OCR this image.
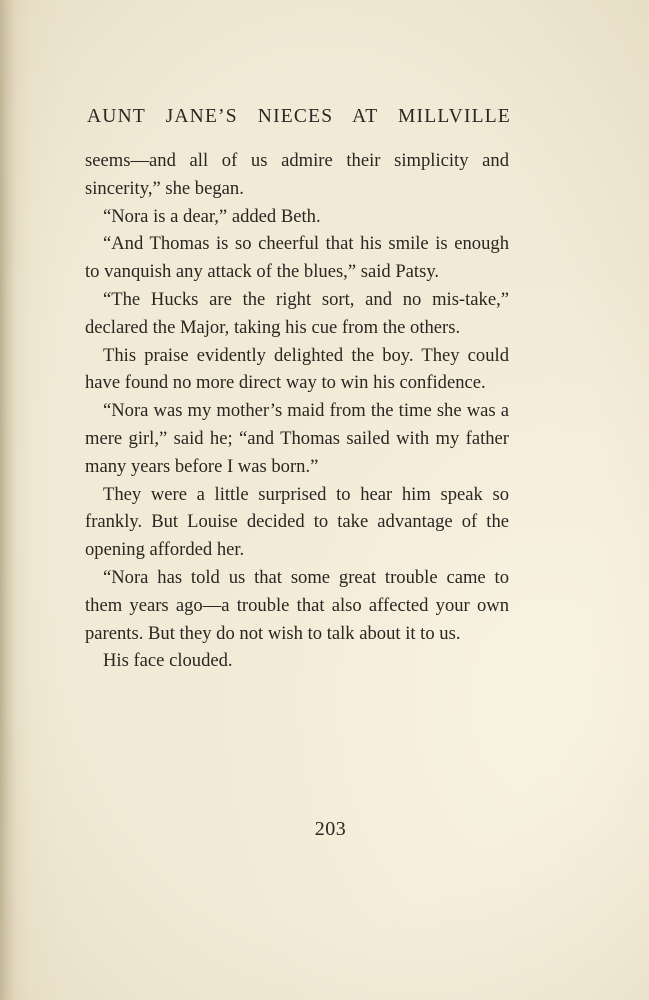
AUNT JANE’S NIECES AT MILLVILLE

seems—and all of us admire their simplicity and sincerity,” she began.

“Nora is a dear,” added Beth.

“And Thomas is so cheerful that his smile is enough to vanquish any attack of the blues,” said Patsy.

“The Hucks are the right sort, and no mis-take,” declared the Major, taking his cue from the others.

This praise evidently delighted the boy. They could have found no more direct way to win his confidence.

“Nora was my mother’s maid from the time she was a mere girl,” said he; “and Thomas sailed with my father many years before I was born.”

They were a little surprised to hear him speak so frankly. But Louise decided to take advantage of the opening afforded her.

“Nora has told us that some great trouble came to them years ago—a trouble that also affected your own parents. But they do not wish to talk about it to us.

His face clouded.

203
